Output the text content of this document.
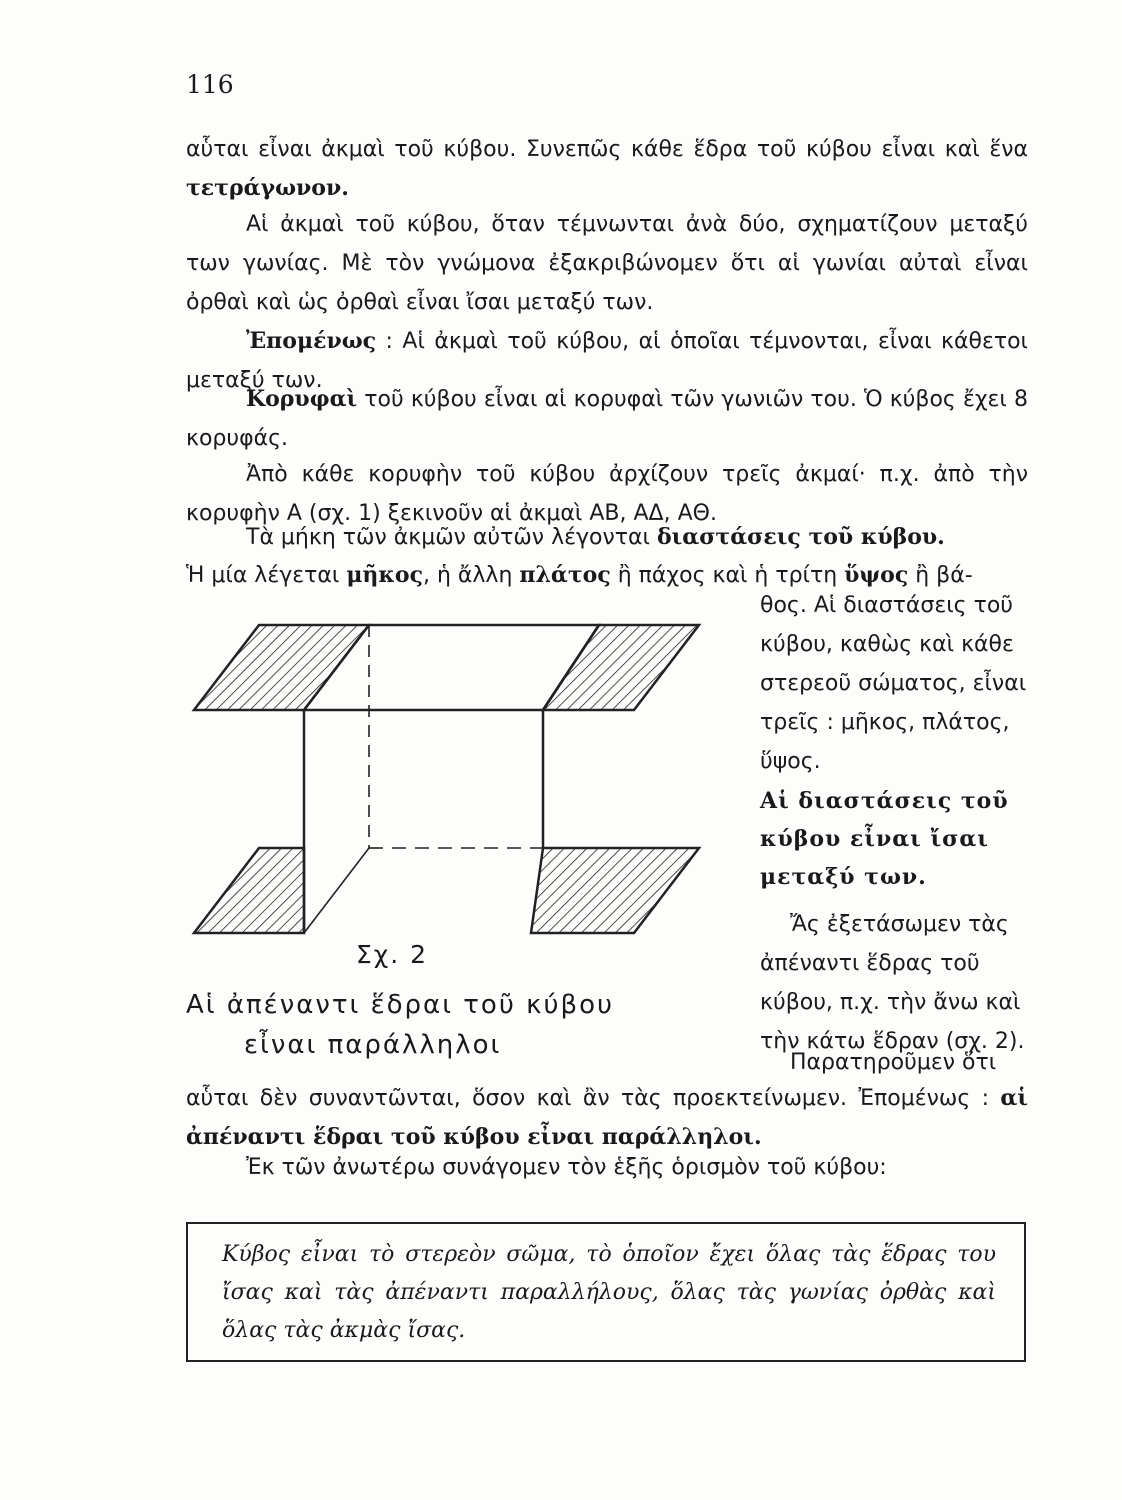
116

αὗται εἶναι ἀκμαὶ τοῦ κύβου. Συνεπῶς κάθε ἕδρα τοῦ κύβου εἶναι καὶ ἕνα τετράγωνον.

Αἱ ἀκμαὶ τοῦ κύβου, ὅταν τέμνωνται ἀνὰ δύο, σχηματίζουν μεταξύ των γωνίας. Μὲ τὸν γνώμονα ἐξακριβώνομεν ὅτι αἱ γωνίαι αὐταὶ εἶναι ὀρθαὶ καὶ ὡς ὀρθαὶ εἶναι ἴσαι μεταξύ των.

Ἐπομένως : Αἱ ἀκμαὶ τοῦ κύβου, αἱ ὁποῖαι τέμνονται, εἶναι κάθετοι μεταξύ των.

Κορυφαὶ τοῦ κύβου εἶναι αἱ κορυφαὶ τῶν γωνιῶν του. Ὁ κύβος ἔχει 8 κορυφάς.

Ἀπὸ κάθε κορυφὴν τοῦ κύβου ἀρχίζουν τρεῖς ἀκμαί· π.χ. ἀπὸ τὴν κορυφὴν Α (σχ. 1) ξεκινοῦν αἱ ἀκμαὶ ΑΒ, ΑΔ, ΑΘ.

Τὰ μήκη τῶν ἀκμῶν αὐτῶν λέγονται διαστάσεις τοῦ κύβου.

Ἡ μία λέγεται μῆκος, ἡ ἄλλη πλάτος ἢ πάχος καὶ ἡ τρίτη ὕψος ἢ βά-

Σχ. 2

Αἱ ἀπέναντι ἕδραι τοῦ κύβου
εἶναι παράλληλοι

θος. Αἱ διαστάσεις τοῦ κύβου, καθὼς καὶ κάθε στερεοῦ σώματος, εἶναι τρεῖς : μῆκος, πλάτος, ὕψος.

Αἱ διαστάσεις τοῦ κύβου εἶναι ἴσαι μεταξύ των.

Ἄς ἐξετάσωμεν τὰς ἀπέναντι ἕδρας τοῦ κύβου, π.χ. τὴν ἄνω καὶ τὴν κάτω ἕδραν (σχ. 2).

Παρατηροῦμεν ὅτι

αὗται δὲν συναντῶνται, ὅσον καὶ ἂν τὰς προεκτείνωμεν. Ἐπομένως : αἱ ἀπέναντι ἕδραι τοῦ κύβου εἶναι παράλληλοι.

Ἐκ τῶν ἀνωτέρω συνάγομεν τὸν ἑξῆς ὁρισμὸν τοῦ κύβου:

Κύβος εἶναι τὸ στερεὸν σῶμα, τὸ ὁποῖον ἔχει ὅλας τὰς ἕδρας του ἴσας καὶ τὰς ἀπέναντι παραλλήλους, ὅλας τὰς γωνίας ὀρθὰς καὶ ὅλας τὰς ἀκμὰς ἴσας.
